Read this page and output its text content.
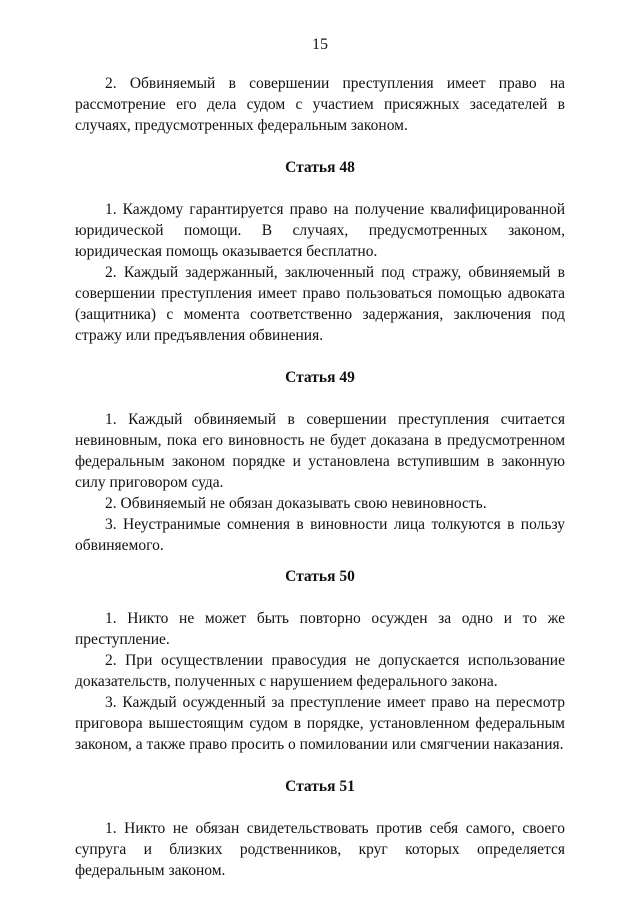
15

2. Обвиняемый в совершении преступления имеет право на рассмотрение его дела судом с участием присяжных заседателей в случаях, предусмотренных федеральным законом.

Статья 48

1. Каждому гарантируется право на получение квалифицированной юридической помощи. В случаях, предусмотренных законом, юридическая помощь оказывается бесплатно.

2. Каждый задержанный, заключенный под стражу, обвиняемый в совершении преступления имеет право пользоваться помощью адвоката (защитника) с момента соответственно задержания, заключения под стражу или предъявления обвинения.

Статья 49

1. Каждый обвиняемый в совершении преступления считается невиновным, пока его виновность не будет доказана в предусмотренном федеральным законом порядке и установлена вступившим в законную силу приговором суда.

2. Обвиняемый не обязан доказывать свою невиновность.

3. Неустранимые сомнения в виновности лица толкуются в пользу обвиняемого.

Статья 50

1. Никто не может быть повторно осужден за одно и то же преступление.

2. При осуществлении правосудия не допускается использование доказательств, полученных с нарушением федерального закона.

3. Каждый осужденный за преступление имеет право на пересмотр приговора вышестоящим судом в порядке, установленном федеральным законом, а также право просить о помиловании или смягчении наказания.

Статья 51

1. Никто не обязан свидетельствовать против себя самого, своего супруга и близких родственников, круг которых определяется федеральным законом.
